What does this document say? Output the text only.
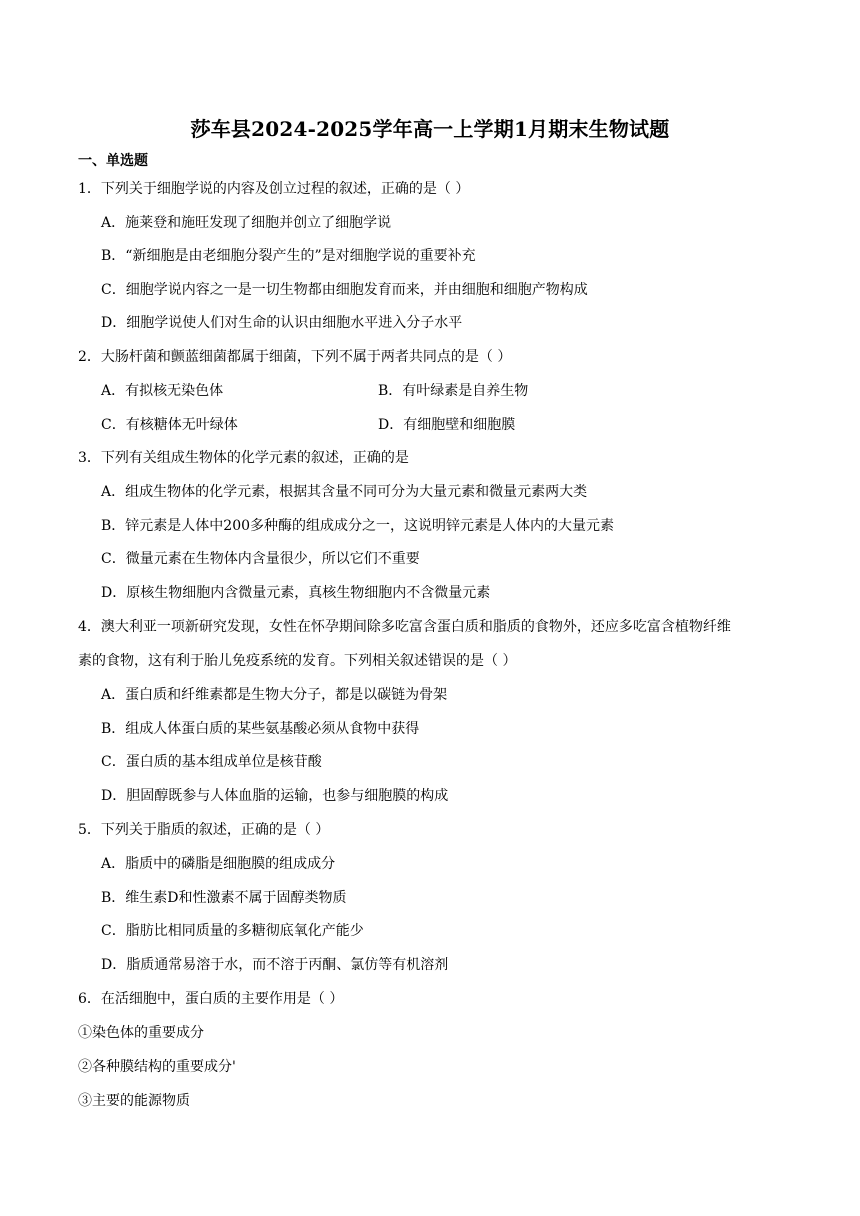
莎车县2024-2025学年高一上学期1月期末生物试题
一、单选题
1．下列关于细胞学说的内容及创立过程的叙述，正确的是（ ）
A．施莱登和施旺发现了细胞并创立了细胞学说
B．“新细胞是由老细胞分裂产生的”是对细胞学说的重要补充
C．细胞学说内容之一是一切生物都由细胞发育而来，并由细胞和细胞产物构成
D．细胞学说使人们对生命的认识由细胞水平进入分子水平
2．大肠杆菌和颤蓝细菌都属于细菌，下列不属于两者共同点的是（ ）
A．有拟核无染色体	B．有叶绿素是自养生物
C．有核糖体无叶绿体	D．有细胞壁和细胞膜
3．下列有关组成生物体的化学元素的叙述，正确的是
A．组成生物体的化学元素，根据其含量不同可分为大量元素和微量元素两大类
B．锌元素是人体中200多种酶的组成成分之一，这说明锌元素是人体内的大量元素
C．微量元素在生物体内含量很少，所以它们不重要
D．原核生物细胞内含微量元素，真核生物细胞内不含微量元素
4．澳大利亚一项新研究发现，女性在怀孕期间除多吃富含蛋白质和脂质的食物外，还应多吃富含植物纤维
素的食物，这有利于胎儿免疫系统的发育。下列相关叙述错误的是（ ）
A．蛋白质和纤维素都是生物大分子，都是以碳链为骨架
B．组成人体蛋白质的某些氨基酸必须从食物中获得
C．蛋白质的基本组成单位是核苷酸
D．胆固醇既参与人体血脂的运输，也参与细胞膜的构成
5．下列关于脂质的叙述，正确的是（ ）
A．脂质中的磷脂是细胞膜的组成成分
B．维生素D和性激素不属于固醇类物质
C．脂肪比相同质量的多糖彻底氧化产能少
D．脂质通常易溶于水，而不溶于丙酮、氯仿等有机溶剂
6．在活细胞中，蛋白质的主要作用是（ ）
①染色体的重要成分
②各种膜结构的重要成分'
③主要的能源物质
